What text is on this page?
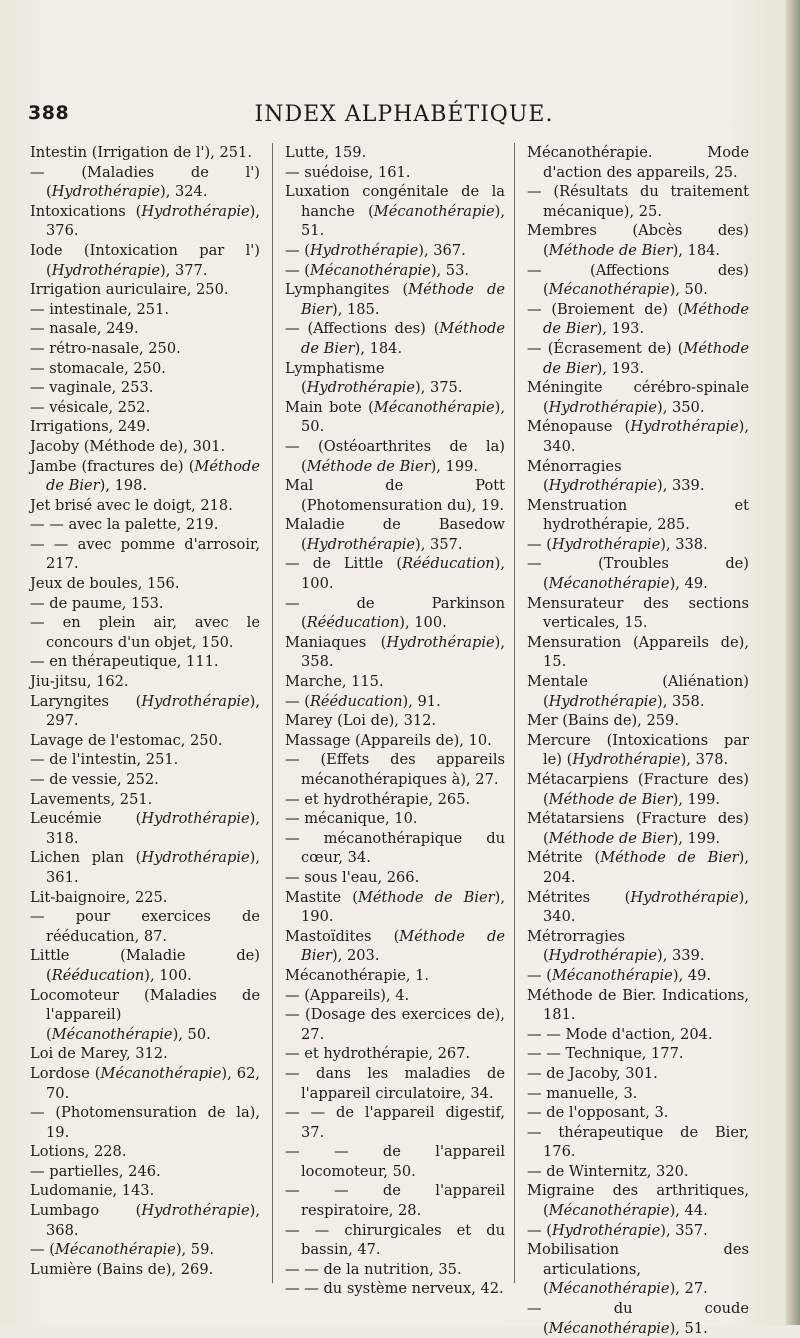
388	INDEX ALPHABÉTIQUE.
Intestin (Irrigation de l'), 251.
— (Maladies de l') (Hydrothérapie), 324.
Intoxications (Hydrothérapie), 376.
Iode (Intoxication par l') (Hydrothérapie), 377.
Irrigation auriculaire, 250.
— intestinale, 251.
— nasale, 249.
— rétro-nasale, 250.
— stomacale, 250.
— vaginale, 253.
— vésicale, 252.
Irrigations, 249.
Jacoby (Méthode de), 301.
Jambe (fractures de) (Méthode de Bier), 198.
Jet brisé avec le doigt, 218.
— — avec la palette, 219.
— — avec pomme d'arrosoir, 217.
Jeux de boules, 156.
— de paume, 153.
— en plein air, avec le concours d'un objet, 150.
— en thérapeutique, 111.
Jiu-jitsu, 162.
Laryngites (Hydrothérapie), 297.
Lavage de l'estomac, 250.
— de l'intestin, 251.
— de vessie, 252.
Lavements, 251.
Leucémie (Hydrothérapie), 318.
Lichen plan (Hydrothérapie), 361.
Lit-baignoire, 225.
— pour exercices de rééducation, 87.
Little (Maladie de) (Rééducation), 100.
Locomoteur (Maladies de l'appareil) (Mécanothérapie), 50.
Loi de Marey, 312.
Lordose (Mécanothérapie), 62, 70.
— (Photomensuration de la), 19.
Lotions, 228.
— partielles, 246.
Ludomanie, 143.
Lumbago (Hydrothérapie), 368.
— (Mécanothérapie), 59.
Lumière (Bains de), 269.
Lutte, 159.
— suédoise, 161.
Luxation congénitale de la hanche (Mécanothérapie), 51.
— (Hydrothérapie), 367.
— (Mécanothérapie), 53.
Lymphangites (Méthode de Bier), 185.
— (Affections des) (Méthode de Bier), 184.
Lymphatisme (Hydrothérapie), 375.
Main bote (Mécanothérapie), 50.
— (Ostéoarthrites de la) (Méthode de Bier), 199.
Mal de Pott (Photomensuration du), 19.
Maladie de Basedow (Hydrothérapie), 357.
— de Little (Rééducation), 100.
— de Parkinson (Rééducation), 100.
Maniaques (Hydrothérapie), 358.
Marche, 115.
— (Rééducation), 91.
Marey (Loi de), 312.
Massage (Appareils de), 10.
— (Effets des appareils mécanothérapiques à), 27.
— et hydrothérapie, 265.
— mécanique, 10.
— mécanothérapique du cœur, 34.
— sous l'eau, 266.
Mastite (Méthode de Bier), 190.
Mastoïdites (Méthode de Bier), 203.
Mécanothérapie, 1.
— (Appareils), 4.
— (Dosage des exercices de), 27.
— et hydrothérapie, 267.
— dans les maladies de l'appareil circulatoire, 34.
— — de l'appareil digestif, 37.
— — de l'appareil locomoteur, 50.
— — de l'appareil respiratoire, 28.
— — chirurgicales et du bassin, 47.
— — de la nutrition, 35.
— — du système nerveux, 42.
Mécanothérapie. Mode d'action des appareils, 25.
— (Résultats du traitement mécanique), 25.
Membres (Abcès des) (Méthode de Bier), 184.
— (Affections des) (Mécanothérapie), 50.
— (Broiement de) (Méthode de Bier), 193.
— (Écrasement de) (Méthode de Bier), 193.
Méningite cérébro-spinale (Hydrothérapie), 350.
Ménopause (Hydrothérapie), 340.
Ménorragies (Hydrothérapie), 339.
Menstruation et hydrothérapie, 285.
— (Hydrothérapie), 338.
— (Troubles de) (Mécanothérapie), 49.
Mensurateur des sections verticales, 15.
Mensuration (Appareils de), 15.
Mentale (Aliénation) (Hydrothérapie), 358.
Mer (Bains de), 259.
Mercure (Intoxications par le) (Hydrothérapie), 378.
Métacarpiens (Fracture des) (Méthode de Bier), 199.
Métatarsiens (Fracture des) (Méthode de Bier), 199.
Métrite (Méthode de Bier), 204.
Métrites (Hydrothérapie), 340.
Métrorragies (Hydrothérapie), 339.
— (Mécanothérapie), 49.
Méthode de Bier. Indications, 181.
— — Mode d'action, 204.
— — Technique, 177.
— de Jacoby, 301.
— manuelle, 3.
— de l'opposant, 3.
— thérapeutique de Bier, 176.
— de Winternitz, 320.
Migraine des arthritiques, (Mécanothérapie), 44.
— (Hydrothérapie), 357.
Mobilisation des articulations, (Mécanothérapie), 27.
— du coude (Mécanothérapie), 51.
